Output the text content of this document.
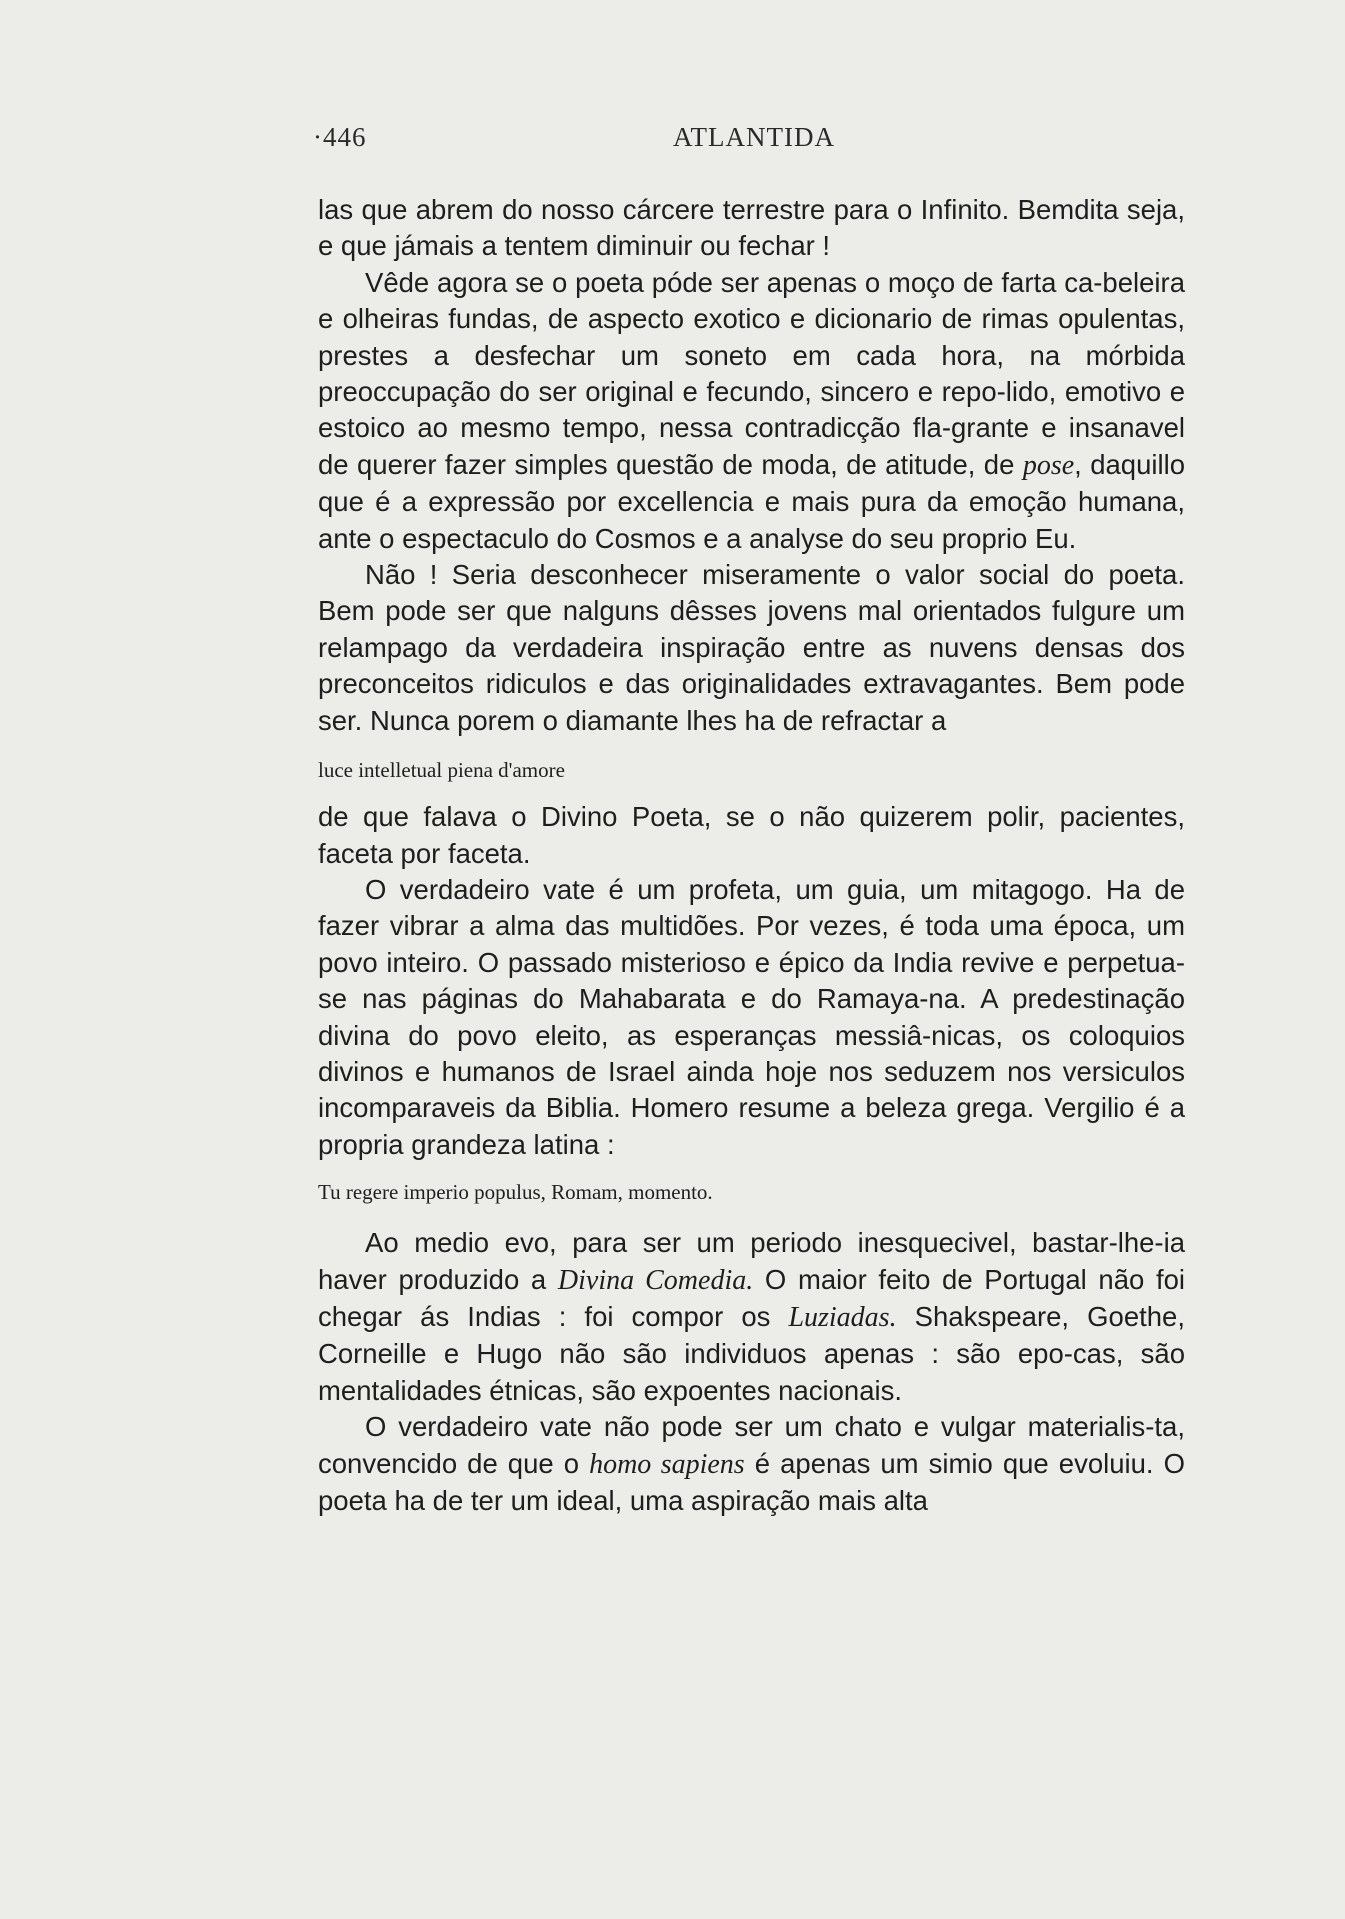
·446	ATLANTIDA

las que abrem do nosso cárcere terrestre para o Infinito. Bemdita seja, e que jámais a tentem diminuir ou fechar !

Vêde agora se o poeta póde ser apenas o moço de farta ca-beleira e olheiras fundas, de aspecto exotico e dicionario de rimas opulentas, prestes a desfechar um soneto em cada hora, na mórbida preoccupação do ser original e fecundo, sincero e repo-lido, emotivo e estoico ao mesmo tempo, nessa contradicção fla-grante e insanavel de querer fazer simples questão de moda, de atitude, de pose, daquillo que é a expressão por excellencia e mais pura da emoção humana, ante o espectaculo do Cosmos e a analyse do seu proprio Eu.

Não ! Seria desconhecer miseramente o valor social do poeta. Bem pode ser que nalguns dêsses jovens mal orientados fulgure um relampago da verdadeira inspiração entre as nuvens densas dos preconceitos ridiculos e das originalidades extravagantes. Bem pode ser. Nunca porem o diamante lhes ha de refractar a

luce intelletual piena d'amore

de que falava o Divino Poeta, se o não quizerem polir, pacientes, faceta por faceta.

O verdadeiro vate é um profeta, um guia, um mitagogo. Ha de fazer vibrar a alma das multidões. Por vezes, é toda uma época, um povo inteiro. O passado misterioso e épico da India revive e perpetua-se nas páginas do Mahabarata e do Ramaya-na. A predestinação divina do povo eleito, as esperanças messiâ-nicas, os coloquios divinos e humanos de Israel ainda hoje nos seduzem nos versiculos incomparaveis da Biblia. Homero resume a beleza grega. Vergilio é a propria grandeza latina :

Tu regere imperio populus, Romam, momento.

Ao medio evo, para ser um periodo inesquecivel, bastar-lhe-ia haver produzido a Divina Comedia. O maior feito de Portugal não foi chegar ás Indias : foi compor os Luziadas. Shakspeare, Goethe, Corneille e Hugo não são individuos apenas : são epo-cas, são mentalidades étnicas, são expoentes nacionais.

O verdadeiro vate não pode ser um chato e vulgar materialis-ta, convencido de que o homo sapiens é apenas um simio que evoluiu. O poeta ha de ter um ideal, uma aspiração mais alta
